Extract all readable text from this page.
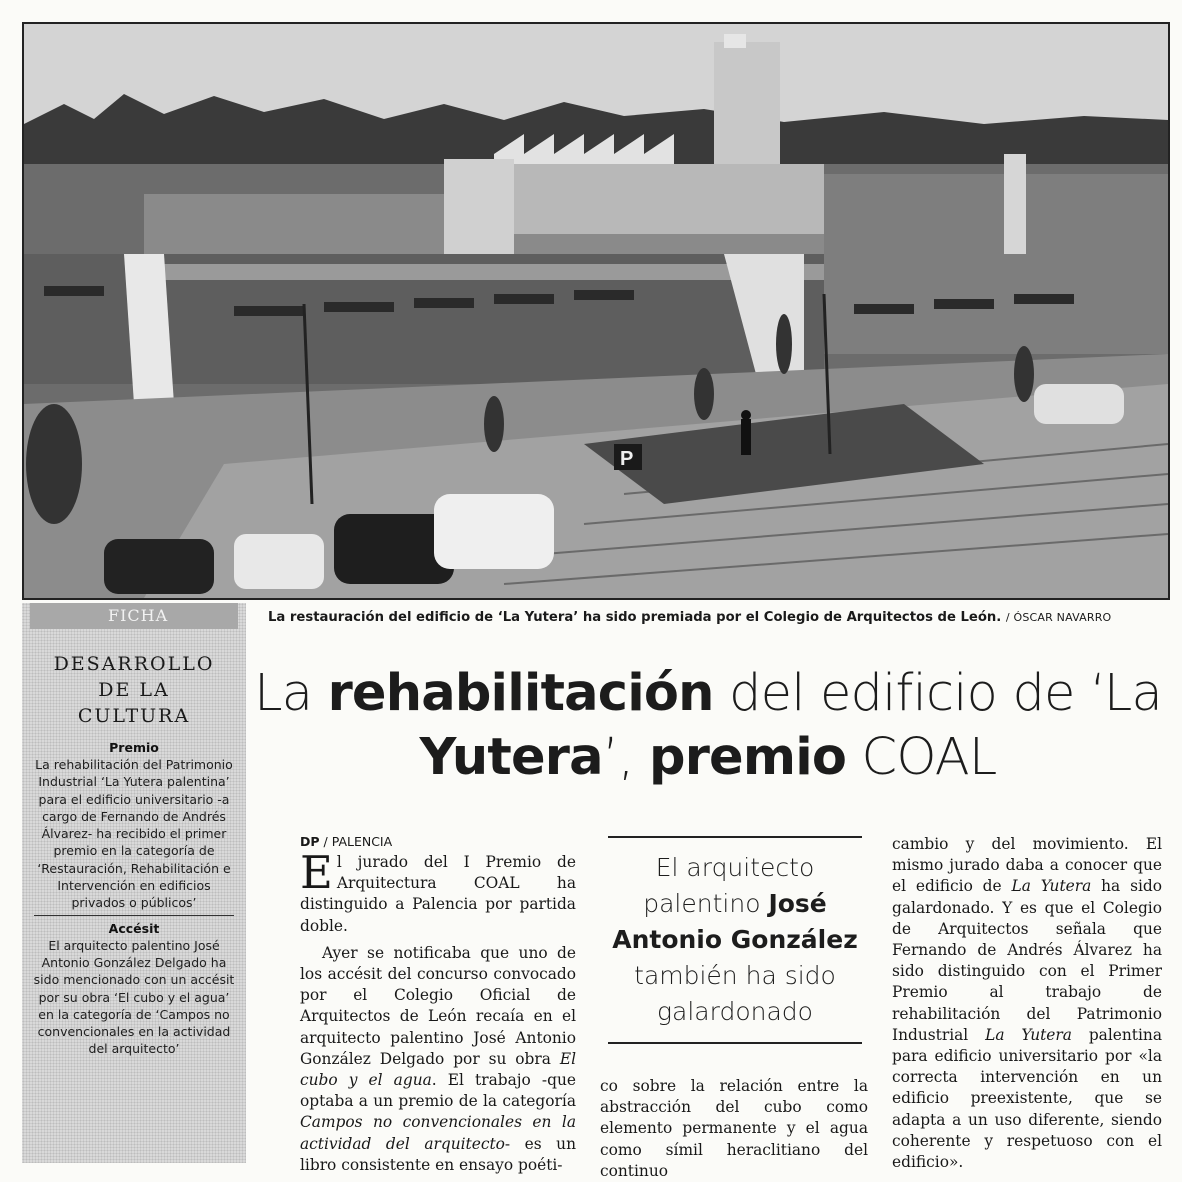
P
La restauración del edificio de ‘La Yutera’ ha sido premiada por el Colegio de Arquitectos de León. / ÓSCAR NAVARRO
FICHA
DESARROLLO
DE LA
CULTURA
Premio
La rehabilitación del Patrimonio Industrial ‘La Yutera palentina’ para el edificio universitario -a cargo de Fernando de Andrés Álvarez- ha recibido el primer premio en la categoría de ‘Restauración, Rehabilitación e Intervención en edificios privados o públicos’
Accésit
El arquitecto palentino José Antonio González Delgado ha sido mencionado con un accésit por su obra ‘El cubo y el agua’ en la categoría de ‘Campos no convencionales en la actividad del arquitecto’
La rehabilitación del edificio de ‘La Yutera’, premio COAL
DP / PALENCIA

El jurado del I Premio de Arquitectura COAL ha distinguido a Palencia por partida doble.

Ayer se notificaba que uno de los accésit del concurso convocado por el Colegio Oficial de Arquitectos de León recaía en el arquitecto palentino José Antonio González Delgado por su obra El cubo y el agua. El trabajo -que optaba a un premio de la categoría Campos no convencionales en la actividad del arquitecto- es un libro consistente en ensayo poéti-

El arquitecto palentino José Antonio González también ha sido galardonado
co sobre la relación entre la abstracción del cubo como elemento permanente y el agua como símil heraclitiano del continuo
cambio y del movimiento. El mismo jurado daba a conocer que el edificio de La Yutera ha sido galardonado. Y es que el Colegio de Arquitectos señala que Fernando de Andrés Álvarez ha sido distinguido con el Primer Premio al trabajo de rehabilitación del Patrimonio Industrial La Yutera palentina para edificio universitario por «la correcta intervención en un edificio preexistente, que se adapta a un uso diferente, siendo coherente y respetuoso con el edificio».
